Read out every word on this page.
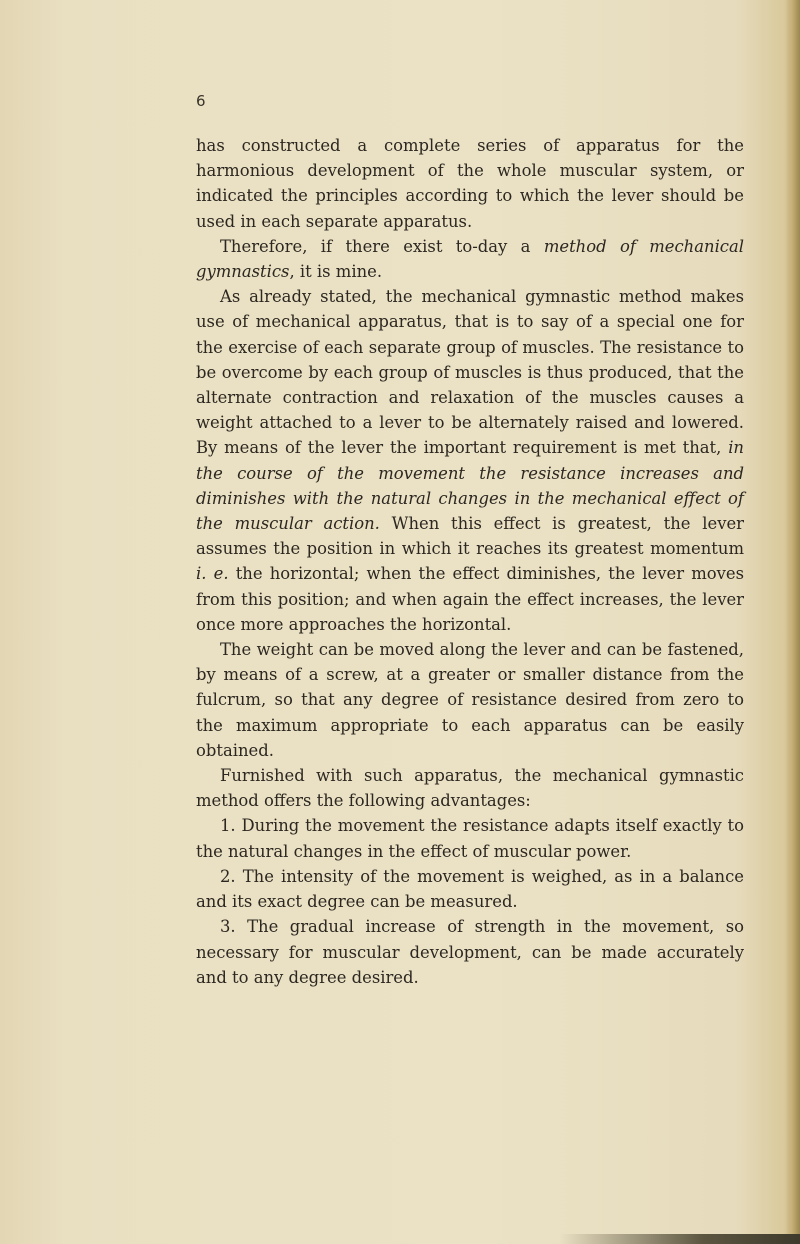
6

has constructed a complete series of apparatus for the harmonious development of the whole muscular system, or indicated the principles according to which the lever should be used in each separate apparatus.

Therefore, if there exist to-day a method of mechanical gymnastics, it is mine.

As already stated, the mechanical gymnastic method makes use of mechanical apparatus, that is to say of a special one for the exercise of each separate group of muscles. The resistance to be overcome by each group of muscles is thus produced, that the alternate contraction and relaxation of the muscles causes a weight attached to a lever to be alternately raised and lowered. By means of the lever the important requirement is met that, in the course of the movement the resistance increases and diminishes with the natural changes in the mechanical effect of the muscular action. When this effect is greatest, the lever assumes the position in which it reaches its greatest momentum i. e. the horizontal; when the effect diminishes, the lever moves from this position; and when again the effect increases, the lever once more approaches the horizontal.

The weight can be moved along the lever and can be fastened, by means of a screw, at a greater or smaller distance from the fulcrum, so that any degree of resistance desired from zero to the maximum appropriate to each apparatus can be easily obtained.

Furnished with such apparatus, the mechanical gymnastic method offers the following advantages:

1. During the movement the resistance adapts itself exactly to the natural changes in the effect of muscular power.

2. The intensity of the movement is weighed, as in a balance and its exact degree can be measured.

3. The gradual increase of strength in the movement, so necessary for muscular development, can be made accurately and to any degree desired.
